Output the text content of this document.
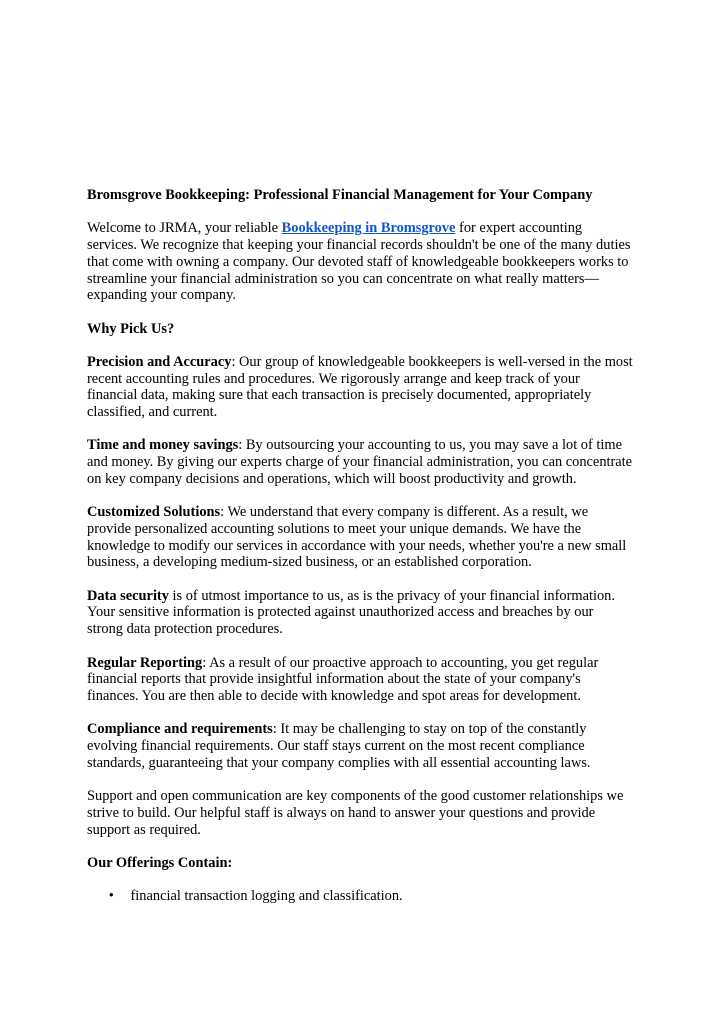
Bromsgrove Bookkeeping: Professional Financial Management for Your Company

Welcome to JRMA, your reliable Bookkeeping in Bromsgrove for expert accounting services. We recognize that keeping your financial records shouldn't be one of the many duties that come with owning a company. Our devoted staff of knowledgeable bookkeepers works to streamline your financial administration so you can concentrate on what really matters—expanding your company.

Why Pick Us?

Precision and Accuracy: Our group of knowledgeable bookkeepers is well-versed in the most recent accounting rules and procedures. We rigorously arrange and keep track of your financial data, making sure that each transaction is precisely documented, appropriately classified, and current.

Time and money savings: By outsourcing your accounting to us, you may save a lot of time and money. By giving our experts charge of your financial administration, you can concentrate on key company decisions and operations, which will boost productivity and growth.

Customized Solutions: We understand that every company is different. As a result, we provide personalized accounting solutions to meet your unique demands. We have the knowledge to modify our services in accordance with your needs, whether you're a new small business, a developing medium-sized business, or an established corporation.

Data security is of utmost importance to us, as is the privacy of your financial information. Your sensitive information is protected against unauthorized access and breaches by our strong data protection procedures.

Regular Reporting: As a result of our proactive approach to accounting, you get regular financial reports that provide insightful information about the state of your company's finances. You are then able to decide with knowledge and spot areas for development.

Compliance and requirements: It may be challenging to stay on top of the constantly evolving financial requirements. Our staff stays current on the most recent compliance standards, guaranteeing that your company complies with all essential accounting laws.

Support and open communication are key components of the good customer relationships we strive to build. Our helpful staff is always on hand to answer your questions and provide support as required.

Our Offerings Contain:

• financial transaction logging and classification.
